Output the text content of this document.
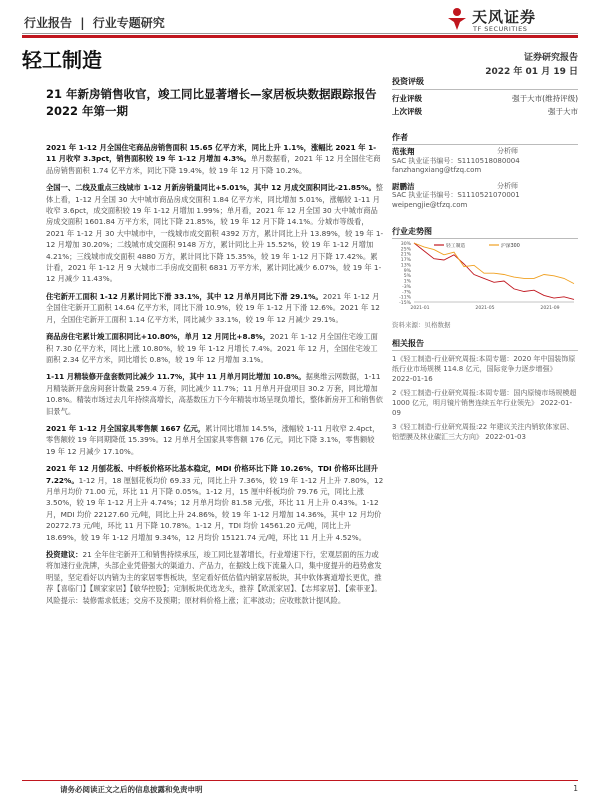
行业报告 | 行业专题研究	天风证券
TF SECURITIES
轻工制造	证券研究报告
2022 年 01 月 19 日
21 年新房销售收官，竣工同比显著增长—家居板块数据跟踪报告 2022 年第一期

2021 年 1-12 月全国住宅商品房销售面积 15.65 亿平方米，同比上升 1.1%，涨幅比 2021 年 1-11 月收窄 3.3pct，销售面积较 19 年 1-12 月增加 4.3%。单月数据看，2021 年 12 月全国住宅商品房销售面积 1.74 亿平方米，同比下降 19.4%，较 19 年 12 月下降 10.2%。

全国一、二线及重点三线城市 1-12 月新房销量同比+5.01%，其中 12 月成交面积同比-21.85%。整体上看，1-12 月全国 30 大中城市商品房成交面积 1.84 亿平方米，同比增加 5.01%，涨幅较 1-11 月收窄 3.6pct，成交面积较 19 年 1-12 月增加 1.99%；单月看，2021 年 12 月全国 30 大中城市商品房成交面积 1601.84 万平方米，同比下降 21.85%，较 19 年 12 月下降 14.1%。分城市等级看，2021 年 1-12 月 30 大中城市中，一线城市成交面积 4392 万方，累计同比上升 13.89%，较 19 年 1-12 月增加 30.20%；二线城市成交面积 9148 万方，累计同比上升 15.52%，较 19 年 1-12 月增加 4.21%；三线城市成交面积 4880 万方，累计同比下降 15.35%，较 19 年 1-12 月下降 17.42%。累计看，2021 年 1-12 月 9 大城市二手房成交面积 6831 万平方米，累计同比减少 6.07%，较 19 年 1-12 月减少 11.43%。

住宅新开工面积 1-12 月累计同比下滑 33.1%，其中 12 月单月同比下滑 29.1%。2021 年 1-12 月全国住宅新开工面积 14.64 亿平方米，同比下滑 10.9%，较 19 年 1-12 月下滑 12.6%。2021 年 12 月，全国住宅新开工面积 1.14 亿平方米，同比减少 33.1%，较 19 年 12 月减少 29.1%。

商品房住宅累计竣工面积同比+10.80%，单月 12 月同比+8.8%，2021 年 1-12 月全国住宅竣工面积 7.30 亿平方米，同比上涨 10.80%，较 19 年 1-12 月增长 7.4%。2021 年 12 月，全国住宅竣工面积 2.34 亿平方米，同比增长 0.8%，较 19 年 12 月增加 3.1%。

1-11 月精装修开盘套数同比减少 11.7%，其中 11 月单月同比增加 10.8%。据奥维云网数据，1-11 月精装新开盘房间套计数量 259.4 万套，同比减少 11.7%；11 月单月开盘项目 30.2 万套，同比增加 10.8%。精装市场过去几年持续高增长，高基数压力下今年精装市场呈现负增长，整体新房开工和销售依旧景气。

2021 年 1-12 月全国家具零售额 1667 亿元，累计同比增加 14.5%，涨幅较 1-11 月收窄 2.4pct，零售额较 19 年同期降低 15.39%。12 月单月全国家具零售额 176 亿元，同比下降 3.1%，零售额较 19 年 12 月减少 17.10%。

2021 年 12 月刨花板、中纤板价格环比基本稳定，MDI 价格环比下降 10.26%，TDI 价格环比回升 7.22%。1-12 月，18 厘刨花板均价 69.33 元，同比上升 7.36%，较 19 年 1-12 月上升 7.80%，12 月单月均价 71.00 元，环比 11 月下降 0.05%。1-12 月，15 厘中纤板均价 79.76 元，同比上涨 3.50%，较 19 年 1-12 月上升 4.74%；12 月单月均价 81.58 元/张，环比 11 月上升 0.43%。1-12 月，MDI 均价 22127.60 元/吨，同比上升 24.86%，较 19 年 1-12 月增加 14.36%，其中 12 月均价 20272.73 元/吨，环比 11 月下降 10.78%。1-12 月，TDI 均价 14561.20 元/吨，同比上升 18.69%，较 19 年 1-12 月增加 9.34%，12 月均价 15121.74 元/吨，环比 11 月上升 4.52%。

投资建议：21 全年住宅新开工和销售持续承压，竣工同比显著增长，行业增速下行，宏观层面的压力或将加速行业洗牌，头部企业凭借强大的渠道力、产品力，在据线上线下流量入口，集中度提升的趋势愈发明显，坚定看好以内销为主的家居零售板块，坚定看好低估值内销家居板块，其中软体赛道增长更优，推荐【喜临门】【顾家家居】【敏华控股】；定制板块优选龙头，推荐【欧派家居】、【志邦家居】、【索菲亚】。风险提示：装修需求低迷；交房不及预期；原材料价格上涨；汇率波动；应收账款计提风险。

投资评级
行业评级	强于大市(维持评级)
上次评级	强于大市
作者
范张翔	分析师
SAC 执业证书编号：S1110518080004
fanzhangxiang@tfzq.com
尉鹏洁	分析师
SAC 执业证书编号：S1110521070001
weipengjie@tfzq.com
行业走势图
30%
25%
21%
17%
13%
9%
5%
1%
-3%
-7%
-11%
-15%
2021-01	2021-05	2021-09
轻工制造	沪深300
资料来源：贝格数据
相关报告
1《轻工制造-行业研究周报:本周专题：2020 年中国装饰原纸行业市场规模 114.8 亿元，国际竞争力逐步增强》 2022-01-16
2《轻工制造-行业研究周报:本周专题：国内原镜市场规模超 1000 亿元，明月镜片销售连续五年行业领先》 2022-01-09
3《轻工制造-行业研究周报:22 年建议关注内销软体家居、铝塑膜及林业碳汇三大方向》 2022-01-03
请务必阅读正文之后的信息披露和免责申明	1
